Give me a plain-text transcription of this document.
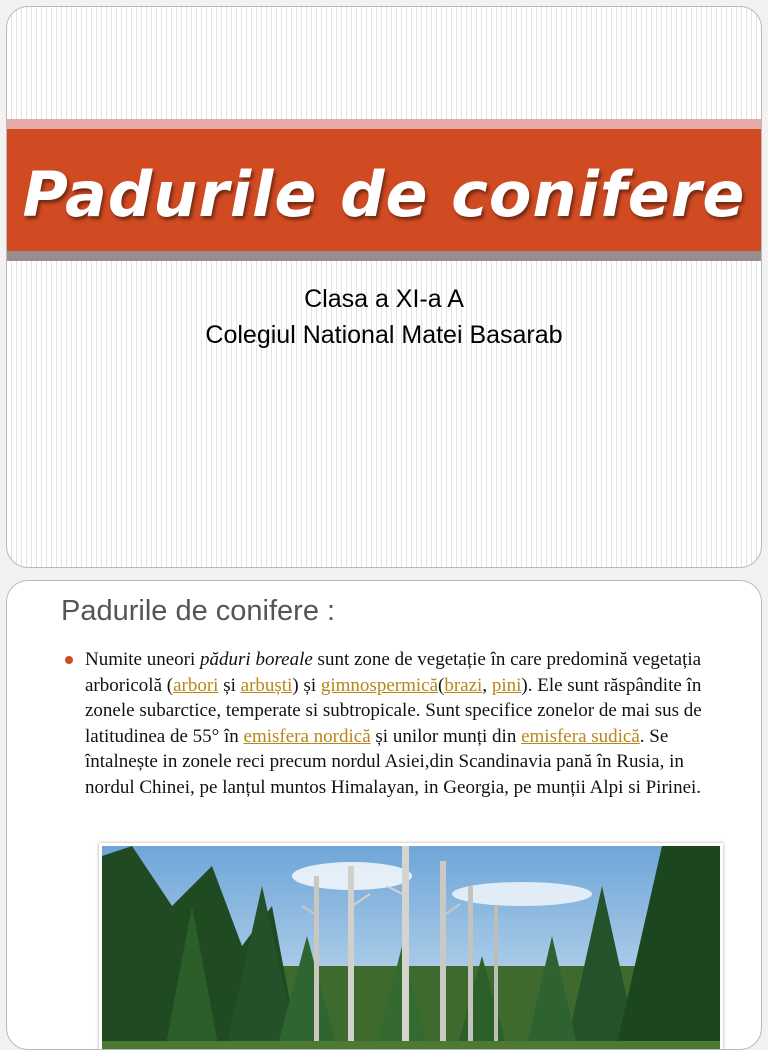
Padurile de conifere
Clasa a XI-a A
Colegiul National Matei Basarab
Padurile de conifere :
Numite uneori păduri boreale sunt zone de vegetație în care predomină vegetația arboricolă (arbori și arbuști) și gimnospermică(brazi, pini). Ele sunt răspândite în zonele subarctice, temperate si subtropicale. Sunt specifice zonelor de mai sus de latitudinea de 55° în emisfera nordică și unilor munți din emisfera sudică. Se întalnește in zonele reci precum nordul Asiei,din Scandinavia pană în Rusia, in nordul Chinei, pe lanțul muntos Himalayan, in Georgia, pe munții Alpi si Pirinei.
